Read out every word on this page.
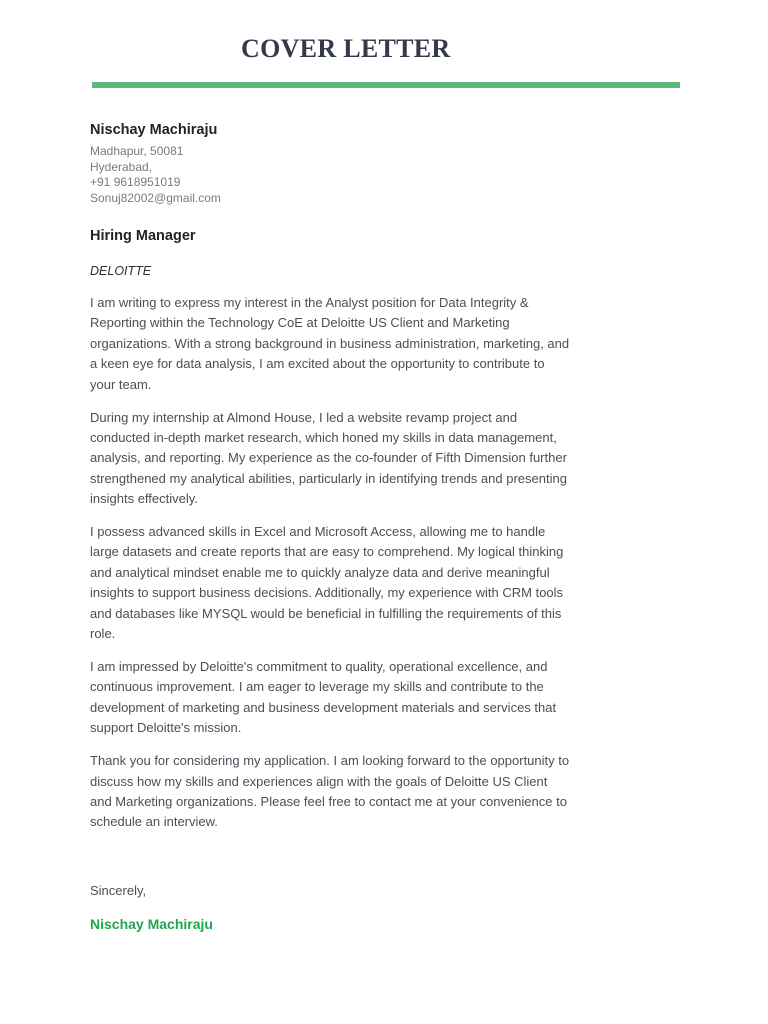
COVER LETTER

Nischay Machiraju

Madhapur, 50081

Hyderabad,

+91 9618951019

Sonuj82002@gmail.com

Hiring Manager

DELOITTE

I am writing to express my interest in the Analyst position for Data Integrity & Reporting within the Technology CoE at Deloitte US Client and Marketing organizations. With a strong background in business administration, marketing, and a keen eye for data analysis, I am excited about the opportunity to contribute to your team.

During my internship at Almond House, I led a website revamp project and conducted in-depth market research, which honed my skills in data management, analysis, and reporting. My experience as the co-founder of Fifth Dimension further strengthened my analytical abilities, particularly in identifying trends and presenting insights effectively.

I possess advanced skills in Excel and Microsoft Access, allowing me to handle large datasets and create reports that are easy to comprehend. My logical thinking and analytical mindset enable me to quickly analyze data and derive meaningful insights to support business decisions. Additionally, my experience with CRM tools and databases like MYSQL would be beneficial in fulfilling the requirements of this role.

I am impressed by Deloitte's commitment to quality, operational excellence, and continuous improvement. I am eager to leverage my skills and contribute to the development of marketing and business development materials and services that support Deloitte's mission.

Thank you for considering my application. I am looking forward to the opportunity to discuss how my skills and experiences align with the goals of Deloitte US Client and Marketing organizations. Please feel free to contact me at your convenience to schedule an interview.

Sincerely,

Nischay Machiraju
